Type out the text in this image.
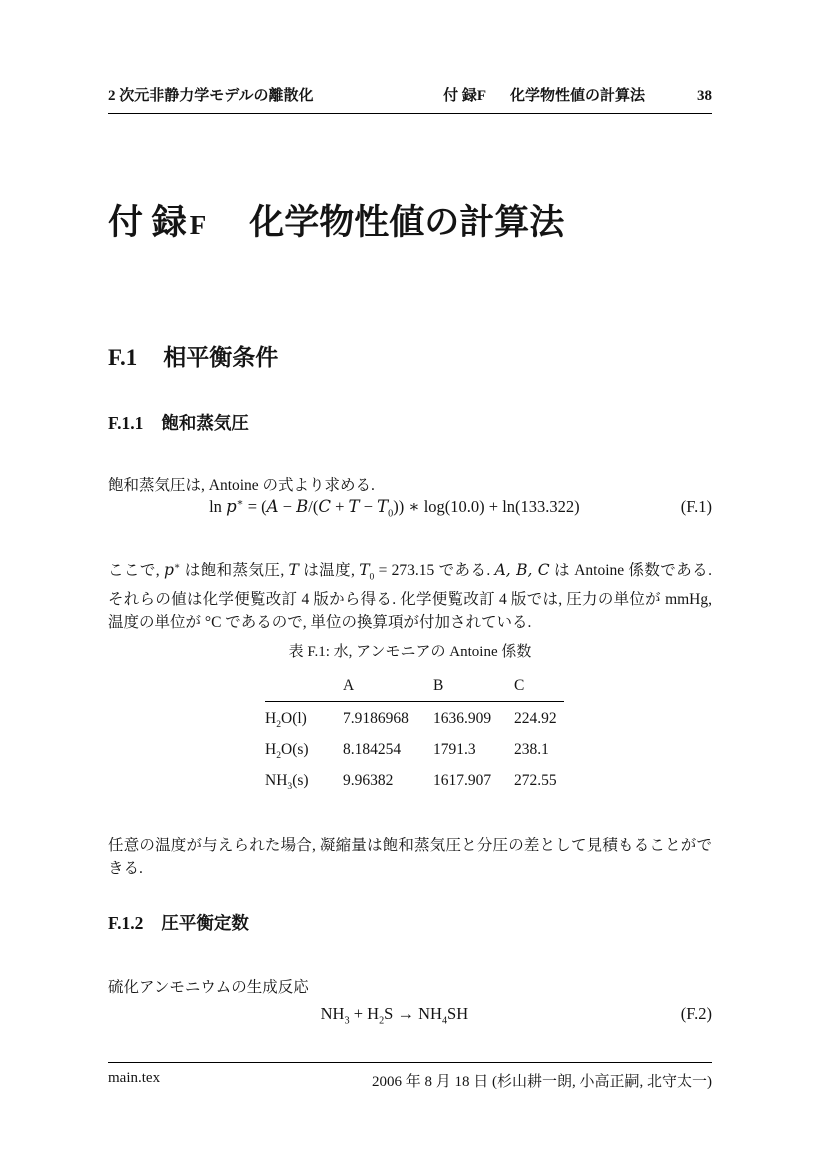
2 次元非静力学モデルの離散化	付 録F 化学物性値の計算法	38
付 録 F 化学物性値の計算法
F.1 相平衡条件
F.1.1 飽和蒸気圧

飽和蒸気圧は, Antoine の式より求める.

$\ln p^∗ = (A - B/(C + T - T_0))$ ∗ log(10.0) + ln(133.322)	(F.1)

ここで, p∗ は飽和蒸気圧, T は温度, $T_0 = 273.15$ である. A, B, C は Antoine 係数である. それらの値は化学便覧改訂 4 版から得る. 化学便覧改訂 4 版では, 圧力の単位が mmHg, 温度の単位が °C であるので, 単位の換算項が付加されている.

表 F.1: 水, アンモニアの Antoine 係数
	A	B	C
$H_2O(l)$	7.9186968	1636.909	224.92
$H_2O(s)$	8.184254	1791.3	238.1
$NH_3(s)$	9.96382	1617.907	272.55

任意の温度が与えられた場合, 凝縮量は飽和蒸気圧と分圧の差として見積もることができる.

F.1.2 圧平衡定数

硫化アンモニウムの生成反応

$NH_3 + H_2S \to NH_4SH$	(F.2)
main.tex	2006 年 8 月 18 日 (杉山耕一朗, 小高正嗣, 北守太一)
